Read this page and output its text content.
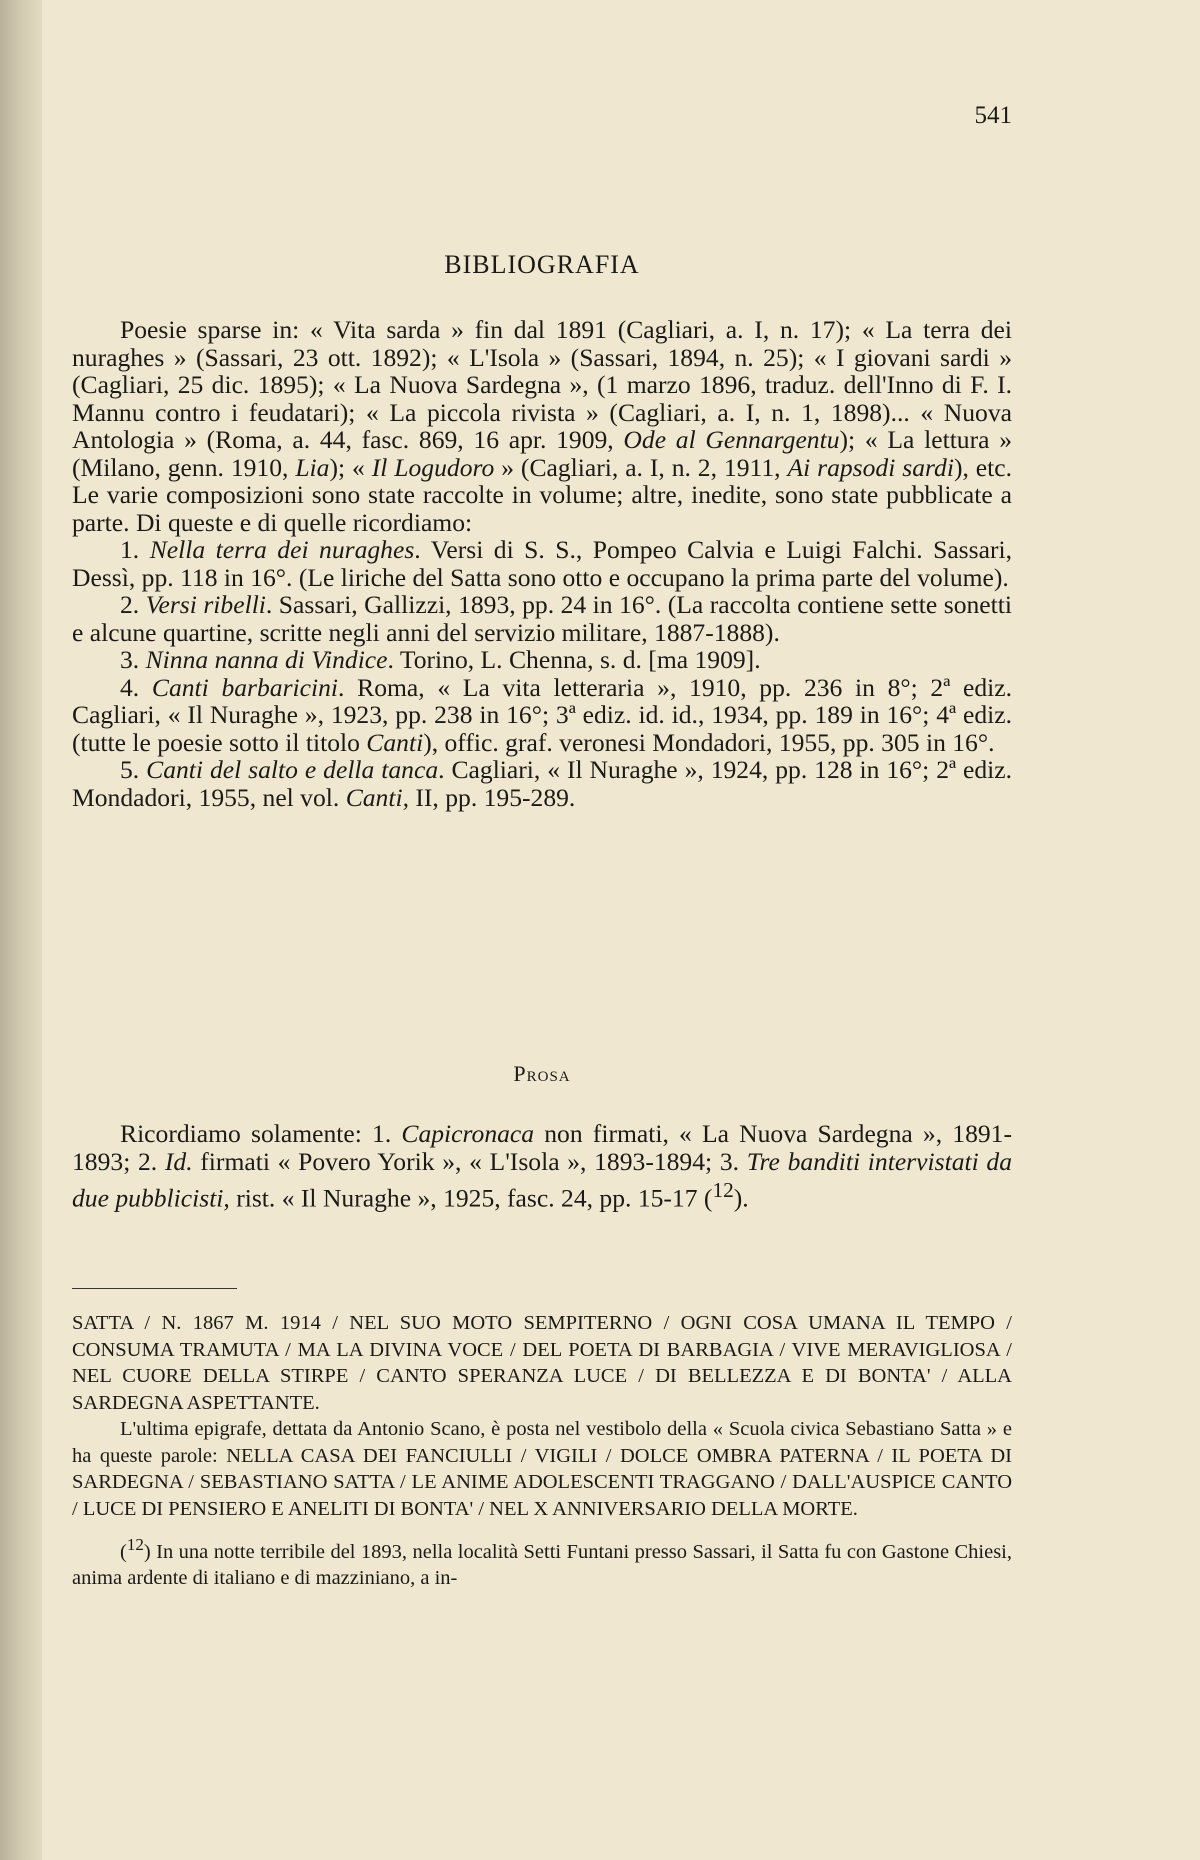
541
BIBLIOGRAFIA

Poesie sparse in: « Vita sarda » fin dal 1891 (Cagliari, a. I, n. 17); « La terra dei nuraghes » (Sassari, 23 ott. 1892); « L'Isola » (Sassari, 1894, n. 25); « I giovani sardi » (Cagliari, 25 dic. 1895); « La Nuova Sardegna », (1 marzo 1896, traduz. dell'Inno di F. I. Mannu contro i feudatari); « La piccola rivista » (Cagliari, a. I, n. 1, 1898)... « Nuova Antologia » (Roma, a. 44, fasc. 869, 16 apr. 1909, Ode al Gennargentu); « La lettura » (Milano, genn. 1910, Lia); « Il Logudoro » (Cagliari, a. I, n. 2, 1911, Ai rapsodi sardi), etc. Le varie composizioni sono state raccolte in volume; altre, inedite, sono state pubblicate a parte. Di queste e di quelle ricordiamo:

1. Nella terra dei nuraghes. Versi di S. S., Pompeo Calvia e Luigi Falchi. Sassari, Dessì, pp. 118 in 16°. (Le liriche del Satta sono otto e occupano la prima parte del volume).

2. Versi ribelli. Sassari, Gallizzi, 1893, pp. 24 in 16°. (La raccolta contiene sette sonetti e alcune quartine, scritte negli anni del servizio militare, 1887-1888).

3. Ninna nanna di Vindice. Torino, L. Chenna, s. d. [ma 1909].

4. Canti barbaricini. Roma, « La vita letteraria », 1910, pp. 236 in 8°; 2ª ediz. Cagliari, « Il Nuraghe », 1923, pp. 238 in 16°; 3ª ediz. id. id., 1934, pp. 189 in 16°; 4ª ediz. (tutte le poesie sotto il titolo Canti), offic. graf. veronesi Mondadori, 1955, pp. 305 in 16°.

5. Canti del salto e della tanca. Cagliari, « Il Nuraghe », 1924, pp. 128 in 16°; 2ª ediz. Mondadori, 1955, nel vol. Canti, II, pp. 195-289.

Prosa

Ricordiamo solamente: 1. Capicronaca non firmati, « La Nuova Sardegna », 1891-1893; 2. Id. firmati « Povero Yorik », « L'Isola », 1893-1894; 3. Tre banditi intervistati da due pubblicisti, rist. « Il Nuraghe », 1925, fasc. 24, pp. 15-17 ($^{12}$).

SATTA / N. 1867 M. 1914 / NEL SUO MOTO SEMPITERNO / OGNI COSA UMANA IL TEMPO / CONSUMA TRAMUTA / MA LA DIVINA VOCE / DEL POETA DI BARBAGIA / VIVE MERAVIGLIOSA / NEL CUORE DELLA STIRPE / CANTO SPERANZA LUCE / DI BELLEZZA E DI BONTA' / ALLA SARDEGNA ASPETTANTE.

L'ultima epigrafe, dettata da Antonio Scano, è posta nel vestibolo della « Scuola civica Sebastiano Satta » e ha queste parole: NELLA CASA DEI FANCIULLI / VIGILI / DOLCE OMBRA PATERNA / IL POETA DI SARDEGNA / SEBASTIANO SATTA / LE ANIME ADOLESCENTI TRAGGANO / DALL'AUSPICE CANTO / LUCE DI PENSIERO E ANELITI DI BONTA' / NEL X ANNIVERSARIO DELLA MORTE.

($^{12}$) In una notte terribile del 1893, nella località Setti Funtani presso Sassari, il Satta fu con Gastone Chiesi, anima ardente di italiano e di mazziniano, a in-
